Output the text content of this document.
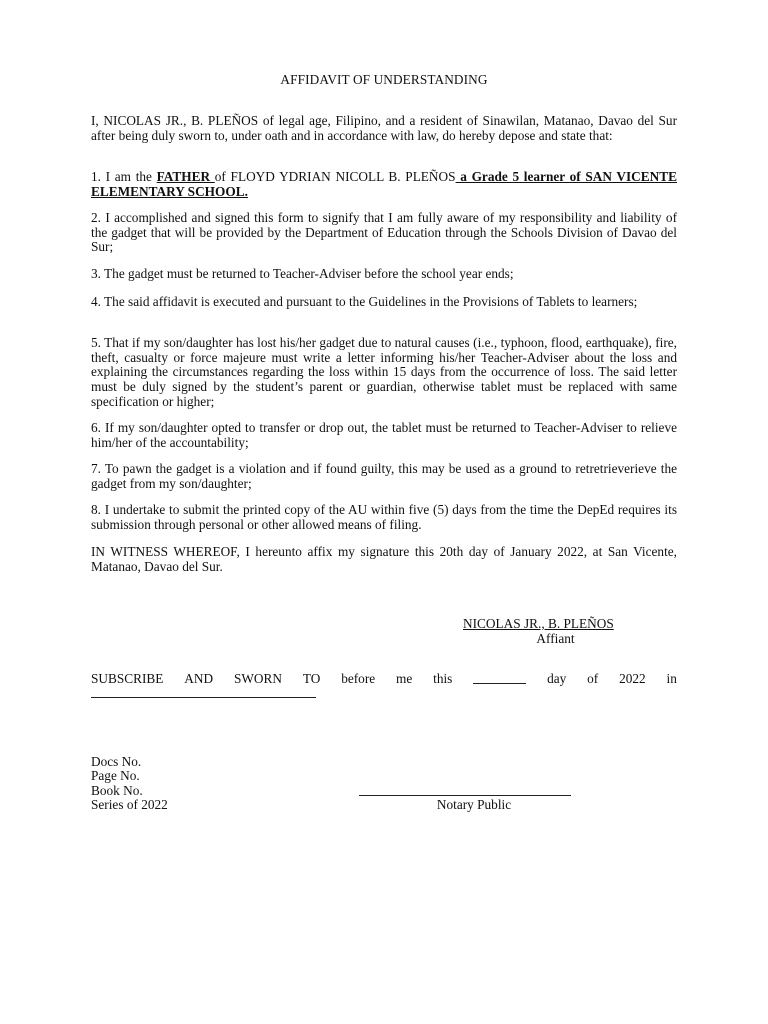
AFFIDAVIT OF UNDERSTANDING

I, NICOLAS JR., B. PLEÑOS of legal age, Filipino, and a resident of Sinawilan, Matanao, Davao del Sur after being duly sworn to, under oath and in accordance with law, do hereby depose and state that:

1. I am the FATHER of FLOYD YDRIAN NICOLL B. PLEÑOS a Grade 5 learner of SAN VICENTE ELEMENTARY SCHOOL.

2. I accomplished and signed this form to signify that I am fully aware of my responsibility and liability of the gadget that will be provided by the Department of Education through the Schools Division of Davao del Sur;

3. The gadget must be returned to Teacher-Adviser before the school year ends;

4. The said affidavit is executed and pursuant to the Guidelines in the Provisions of Tablets to learners;

5. That if my son/daughter has lost his/her gadget due to natural causes (i.e., typhoon, flood, earthquake), fire, theft, casualty or force majeure must write a letter informing his/her Teacher-Adviser about the loss and explaining the circumstances regarding the loss within 15 days from the occurrence of loss. The said letter must be duly signed by the student’s parent or guardian, otherwise tablet must be replaced with same specification or higher;

6. If my son/daughter opted to transfer or drop out, the tablet must be returned to Teacher-Adviser to relieve him/her of the accountability;

7. To pawn the gadget is a violation and if found guilty, this may be used as a ground to retretrieverieve the gadget from my son/daughter;

8. I undertake to submit the printed copy of the AU within five (5) days from the time the DepEd requires its submission through personal or other allowed means of filing.

IN WITNESS WHEREOF, I hereunto affix my signature this 20th day of January 2022, at San Vicente, Matanao, Davao del Sur.

NICOLAS JR., B. PLEÑOS
Affiant
SUBSCRIBE AND SWORN TO before me this	day of 2022 in
Docs No.
Page No.
Book No.
Series of 2022	Notary Public
